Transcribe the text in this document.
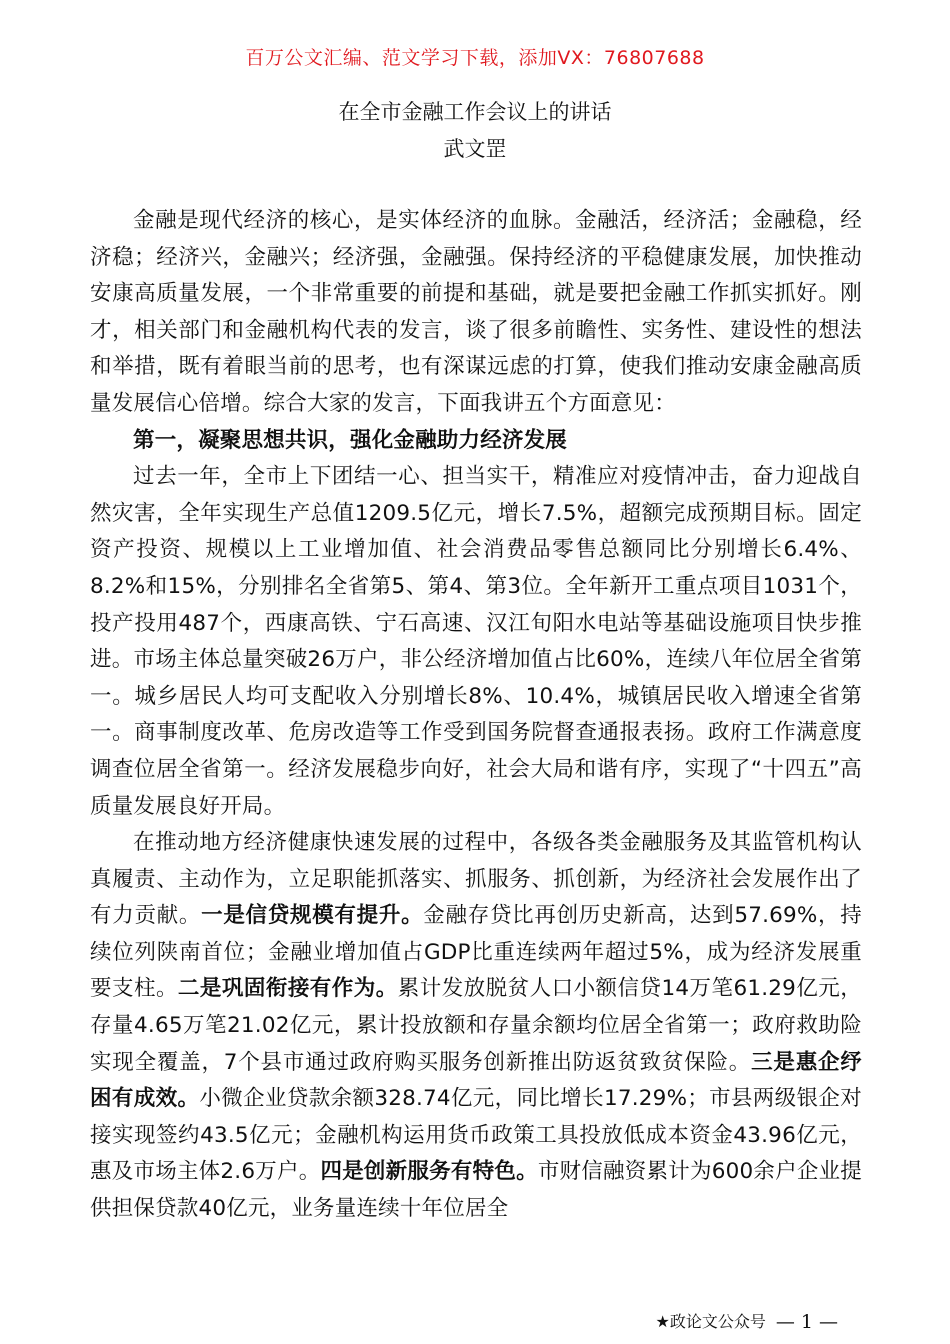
百万公文汇编、范文学习下载，添加VX：76807688
在全市金融工作会议上的讲话
武文罡

金融是现代经济的核心，是实体经济的血脉。金融活，经济活；金融稳，经济稳；经济兴，金融兴；经济强，金融强。保持经济的平稳健康发展，加快推动安康高质量发展，一个非常重要的前提和基础，就是要把金融工作抓实抓好。刚才，相关部门和金融机构代表的发言，谈了很多前瞻性、实务性、建设性的想法和举措，既有着眼当前的思考，也有深谋远虑的打算，使我们推动安康金融高质量发展信心倍增。综合大家的发言，下面我讲五个方面意见：

第一，凝聚思想共识，强化金融助力经济发展

过去一年，全市上下团结一心、担当实干，精准应对疫情冲击，奋力迎战自然灾害，全年实现生产总值1209.5亿元，增长7.5%，超额完成预期目标。固定资产投资、规模以上工业增加值、社会消费品零售总额同比分别增长6.4%、8.2%和15%，分别排名全省第5、第4、第3位。全年新开工重点项目1031个，投产投用487个，西康高铁、宁石高速、汉江旬阳水电站等基础设施项目快步推进。市场主体总量突破26万户，非公经济增加值占比60%，连续八年位居全省第一。城乡居民人均可支配收入分别增长8%、10.4%，城镇居民收入增速全省第一。商事制度改革、危房改造等工作受到国务院督查通报表扬。政府工作满意度调查位居全省第一。经济发展稳步向好，社会大局和谐有序，实现了“十四五”高质量发展良好开局。

在推动地方经济健康快速发展的过程中，各级各类金融服务及其监管机构认真履责、主动作为，立足职能抓落实、抓服务、抓创新，为经济社会发展作出了有力贡献。一是信贷规模有提升。金融存贷比再创历史新高，达到57.69%，持续位列陕南首位；金融业增加值占GDP比重连续两年超过5%，成为经济发展重要支柱。二是巩固衔接有作为。累计发放脱贫人口小额信贷14万笔61.29亿元，存量4.65万笔21.02亿元，累计投放额和存量余额均位居全省第一；政府救助险实现全覆盖，7个县市通过政府购买服务创新推出防返贫致贫保险。三是惠企纾困有成效。小微企业贷款余额328.74亿元，同比增长17.29%；市县两级银企对接实现签约43.5亿元；金融机构运用货币政策工具投放低成本资金43.96亿元，惠及市场主体2.6万户。四是创新服务有特色。市财信融资累计为600余户企业提供担保贷款40亿元，业务量连续十年位居全

★政论文公众号 — 1 —
